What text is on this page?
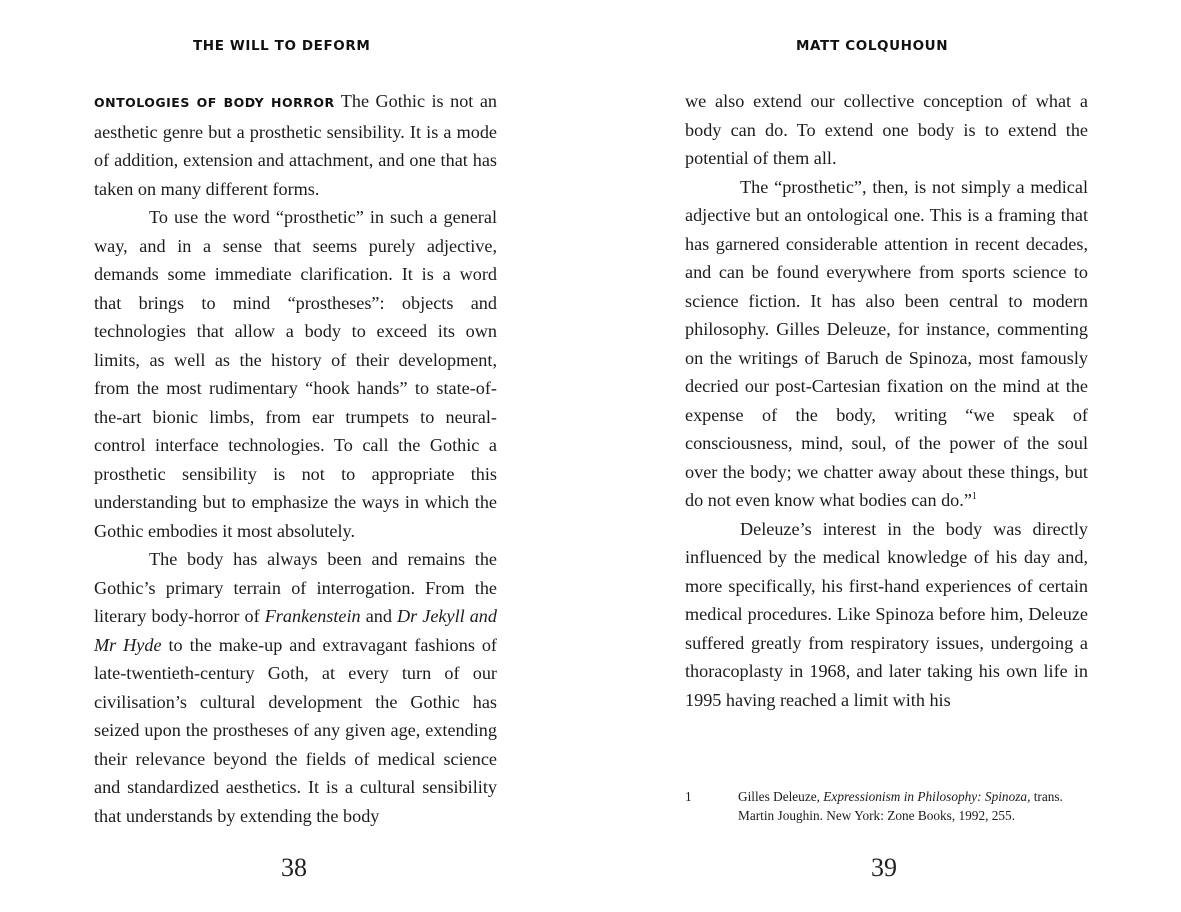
THE WILL TO DEFORM

ONTOLOGIES OF BODY HORROR The Gothic is not an aesthetic genre but a prosthetic sensibility. It is a mode of addition, extension and attachment, and one that has taken on many different forms.

To use the word “prosthetic” in such a general way, and in a sense that seems purely adjective, demands some immediate clarification. It is a word that brings to mind “prostheses”: objects and technologies that allow a body to exceed its own limits, as well as the history of their development, from the most rudimentary “hook hands” to state-of-the-art bionic limbs, from ear trumpets to neural-control interface technologies. To call the Gothic a prosthetic sensibility is not to appropriate this understanding but to emphasize the ways in which the Gothic embodies it most absolutely.

The body has always been and remains the Gothic’s primary terrain of interrogation. From the literary body-horror of Frankenstein and Dr Jekyll and Mr Hyde to the make-up and extravagant fashions of late-twentieth-century Goth, at every turn of our civilisation’s cultural development the Gothic has seized upon the prostheses of any given age, extending their relevance beyond the fields of medical science and standardized aesthetics. It is a cultural sensibility that understands by extending the body

38
MATT COLQUHOUN

we also extend our collective conception of what a body can do. To extend one body is to extend the potential of them all.

The “prosthetic”, then, is not simply a medical adjective but an ontological one. This is a framing that has garnered considerable attention in recent decades, and can be found everywhere from sports science to science fiction. It has also been central to modern philosophy. Gilles Deleuze, for instance, commenting on the writings of Baruch de Spinoza, most famously decried our post-Cartesian fixation on the mind at the expense of the body, writing “we speak of consciousness, mind, soul, of the power of the soul over the body; we chatter away about these things, but do not even know what bodies can do.”$^1$

Deleuze’s interest in the body was directly influenced by the medical knowledge of his day and, more specifically, his first-hand experiences of certain medical procedures. Like Spinoza before him, Deleuze suffered greatly from respiratory issues, undergoing a thoracoplasty in 1968, and later taking his own life in 1995 having reached a limit with his

1	Gilles Deleuze, Expressionism in Philosophy: Spinoza, trans. Martin Joughin. New York: Zone Books, 1992, 255.
39
